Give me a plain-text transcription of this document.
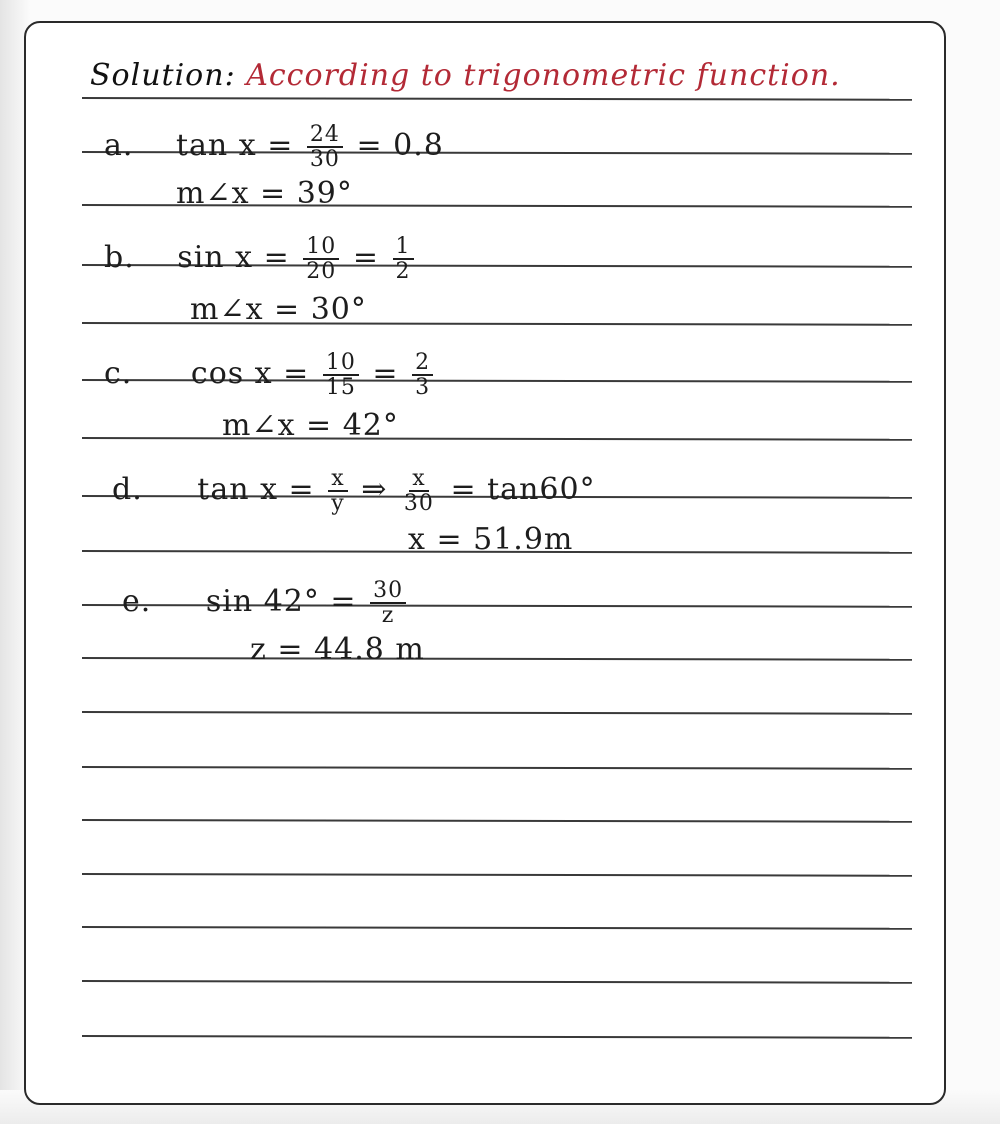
Solution: According to trigonometric function.
a. $\tan x = \frac{24}{30} = 0.8$
m∠x = 39°
b. $\sin x = \frac{10}{20} = \frac{1}{2}$
m∠x = 30°
c. $\cos x = \frac{10}{15} = \frac{2}{3}$
m∠x = 42°
d. $\tan x = \frac{x}{y}$ ⇒ $\frac{x}{30} = \tan 60^\circ$
x = 51.9m
e. $\sin 42^\circ = \frac{30}{z}$
z = 44.8 m
